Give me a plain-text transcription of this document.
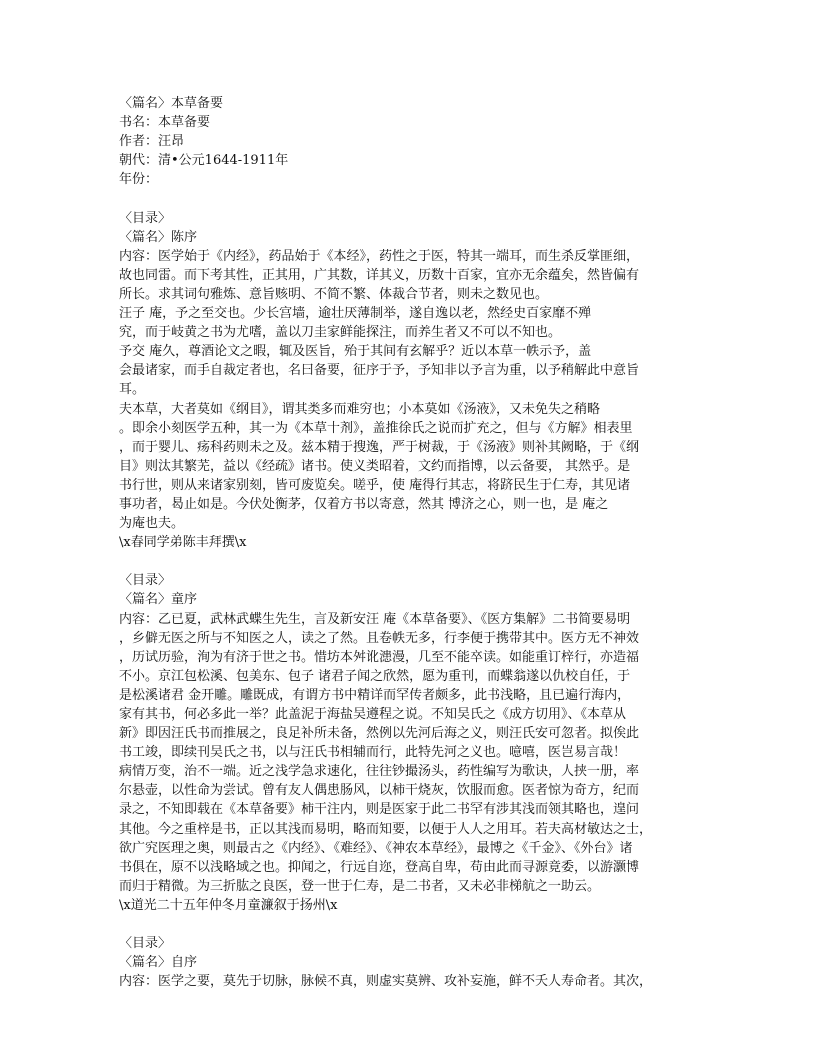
〈篇名〉本草备要
书名：本草备要
作者：汪昂
朝代：清•公元1644-1911年
年份：
〈目录〉
〈篇名〉陈序
内容：医学始于《内经》，药品始于《本经》，药性之于医，特其一端耳，而生杀反掌匪细，
故也同雷。而下考其性，正其用，广其数，详其义，历数十百家，宜亦无余蕴矣，然皆偏有
所长。求其词句雅炼、意旨赅明、不简不繁、体裁合节者，则未之数见也。
汪子 庵，予之至交也。少长宫墙，逾壮厌薄制举，遂自逸以老，然经史百家靡不殚
究，而于岐黄之书为尤嗜，盖以刀圭家鲜能探注，而养生者又不可以不知也。
予交 庵久，尊酒论文之暇，辄及医旨，殆于其间有玄解乎？近以本草一帙示予，盖
会最诸家，而手自裁定者也，名曰备要，征序于予，予知非以予言为重，以予稍解此中意旨
耳。
夫本草，大者莫如《纲目》，谓其类多而难穷也；小本莫如《汤液》，又未免失之稍略
。即余小刻医学五种，其一为《本草十剂》，盖推徐氏之说而扩充之，但与《方解》相表里
，而于婴儿、疡科药则未之及。兹本精于搜逸，严于树裁，于《汤液》则补其阙略，于《纲
目》则汰其繁芜，益以《经疏》诸书。使义类昭着，文约而指博，以云备要， 其然乎。是
书行世，则从来诸家别刻，皆可废览矣。嗟乎，使 庵得行其志，将跻民生于仁寿，其见诸
事功者，曷止如是。今伏处衡茅，仅着方书以寄意，然其 博济之心，则一也，是 庵之
为庵也夫。
\x春同学弟陈丰拜撰\x
〈目录〉
〈篇名〉童序
内容：乙已夏，武林武蝶生先生，言及新安汪 庵《本草备要》、《医方集解》二书简要易明
，乡僻无医之所与不知医之人，读之了然。且卷帙无多，行李便于携带其中。医方无不神效
，历试历验，洵为有济于世之书。惜坊本舛讹漶漫，几至不能卒读。如能重订梓行，亦造福
不小。京江包松溪、包美东、包子 诸君子闻之欣然，愿为重刊，而蝶翁遂以仇校自任，于
是松溪诸君 金开雕。雕既成，有谓方书中精详而罕传者颇多，此书浅略，且已遍行海内，
家有其书，何必多此一举？此盖泥于海盐吴遵程之说。不知吴氏之《成方切用》、《本草从
新》即因汪氏书而推展之，良足补所未备，然例以先河后海之义，则汪氏安可忽者。拟俟此
书工竣，即续刊吴氏之书，以与汪氏书相辅而行，此特先河之义也。噫嘻，医岂易言哉！
病情万变，治不一端。近之浅学急求速化，往往钞撮汤头，药性编写为歌诀，人挟一册，率
尔悬壶，以性命为尝试。曾有友人偶患肠风，以柿干烧灰，饮服而愈。医者惊为奇方，纪而
录之，不知即载在《本草备要》柿干注内，则是医家于此二书罕有涉其浅而领其略也，遑问
其他。今之重梓是书，正以其浅而易明，略而知要，以便于人人之用耳。若夫高材敏达之士，
欲广究医理之奥，则最古之《内经》、《难经》、《神农本草经》，最博之《千金》、《外台》诸
书俱在，原不以浅略域之也。抑闻之，行远自迩，登高自卑，苟由此而寻源竟委，以游灏博
而归于精微。为三折肱之良医，登一世于仁寿，是二书者，又未必非梯航之一助云。
\x道光二十五年仲冬月童濂叙于扬州\x
〈目录〉
〈篇名〉自序
内容：医学之要，莫先于切脉，脉候不真，则虚实莫辨、攻补妄施，鲜不夭人寿命者。其次，
